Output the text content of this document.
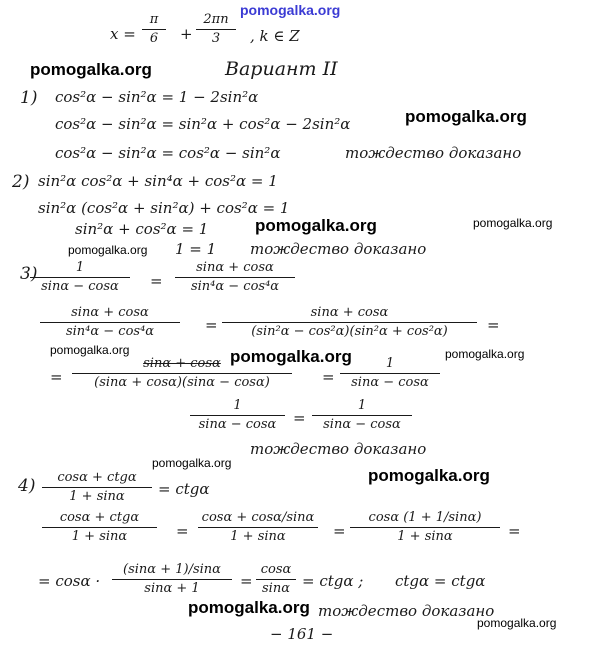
pomogalka.org
pomogalka.org
pomogalka.org
pomogalka.org	pomogalka.org
pomogalka.org
pomogalka.org	pomogalka.org	pomogalka.org
pomogalka.org
pomogalka.org
pomogalka.org
pomogalka.org
x =
π
6	+
2πn
3	, k ∈ Z
Вариант II
1) cos²α − sin²α = 1 − 2sin²α
cos²α − sin²α = sin²α + cos²α − 2sin²α
cos²α − sin²α = cos²α − sin²α	тождество доказано
2) sin²α cos²α + sin⁴α + cos²α = 1
sin²α (cos²α + sin²α) + cos²α = 1
sin²α + cos²α = 1
1 = 1 тождество доказано
3)	1
sinα − cosα	=
sinα + cosα
sin⁴α − cos⁴α
sinα + cosα
sin⁴α − cos⁴α	=
sinα + cosα
(sin²α − cos²α)(sin²α + cos²α)	=
=
sinα + cosα
(sinα + cosα)(sinα − cosα)	=
1
sinα − cosα
1
sinα − cosα	=
1
sinα − cosα
тождество доказано
4)	cosα + ctgα
1 + sinα	= ctgα
cosα + ctgα
1 + sinα	=
cosα + cosα/sinα
1 + sinα	=
cosα (1 + 1/sinα)
1 + sinα	=
= cosα ·
(sinα + 1)/sinα
sinα + 1	=
cosα
sinα = ctgα ; ctgα = ctgα
тождество доказано
− 161 −
